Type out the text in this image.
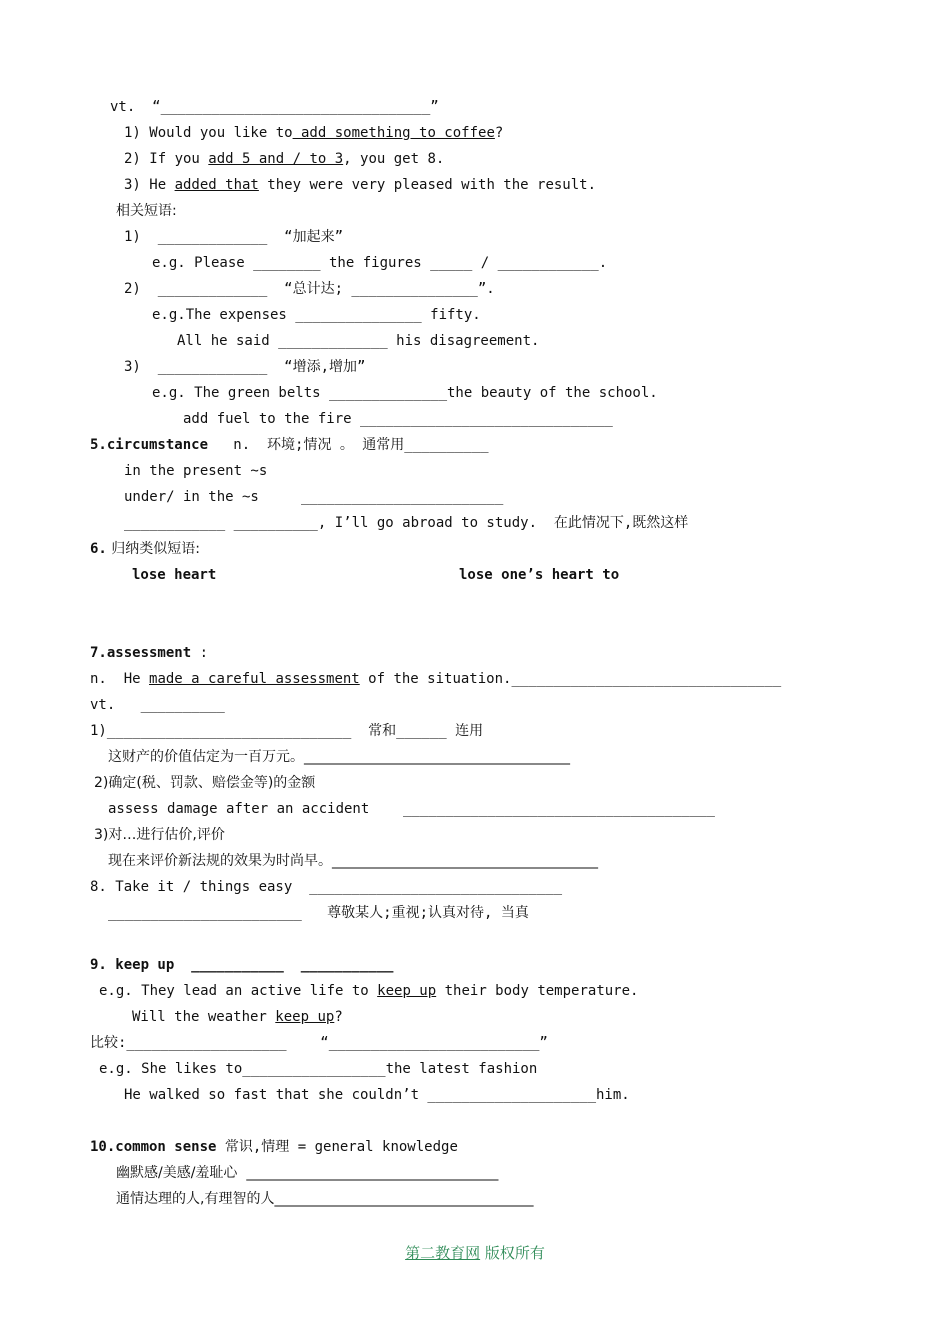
vt.  “________________________________”
1) Would you like to add something to coffee?
2) If you add 5 and / to 3, you get 8.
3) He added that they were very pleased with the result.
相关短语:
1)  _____________  “加起来”
e.g. Please ________ the figures _____ / ____________.
2)  _____________  “总计达; _______________”.
e.g.The expenses _______________ fifty.
All he said _____________ his disagreement.
3)  _____________  “增添,增加”
e.g. The green belts ______________the beauty of the school.
add fuel to the fire ______________________________
5.circumstance   n.  环境;情况 。 通常用__________
in the present ~s
under/ in the ~s     ________________________
____________ __________, I’ll go abroad to study.  在此情况下,既然这样
6. 归纳类似短语:
lose heart	lose one’s heart to
7.assessment :
n.  He made a careful assessment of the situation.________________________________
vt.   __________
1)_____________________________  常和______ 连用
这财产的价值估定为一百万元。______________________________________
2)确定(税、罚款、赔偿金等)的金额
assess damage after an accident    _____________________________________
3)对…进行估价,评价
现在来评价新法规的效果为时尚早。______________________________________
8. Take it / things easy  ______________________________
_______________________   尊敬某人;重视;认真对待, 当真
9. keep up  ___________  ___________
e.g. They lead an active life to keep up their body temperature.
Will the weather keep up?
比较:___________________    “_________________________”
e.g. She likes to_________________the latest fashion
He walked so fast that she couldn’t ____________________him.
10.common sense 常识,情理 = general knowledge
幽默感/美感/羞耻心  ____________________________________
通情达理的人,有理智的人_____________________________________
第二教育网 版权所有
